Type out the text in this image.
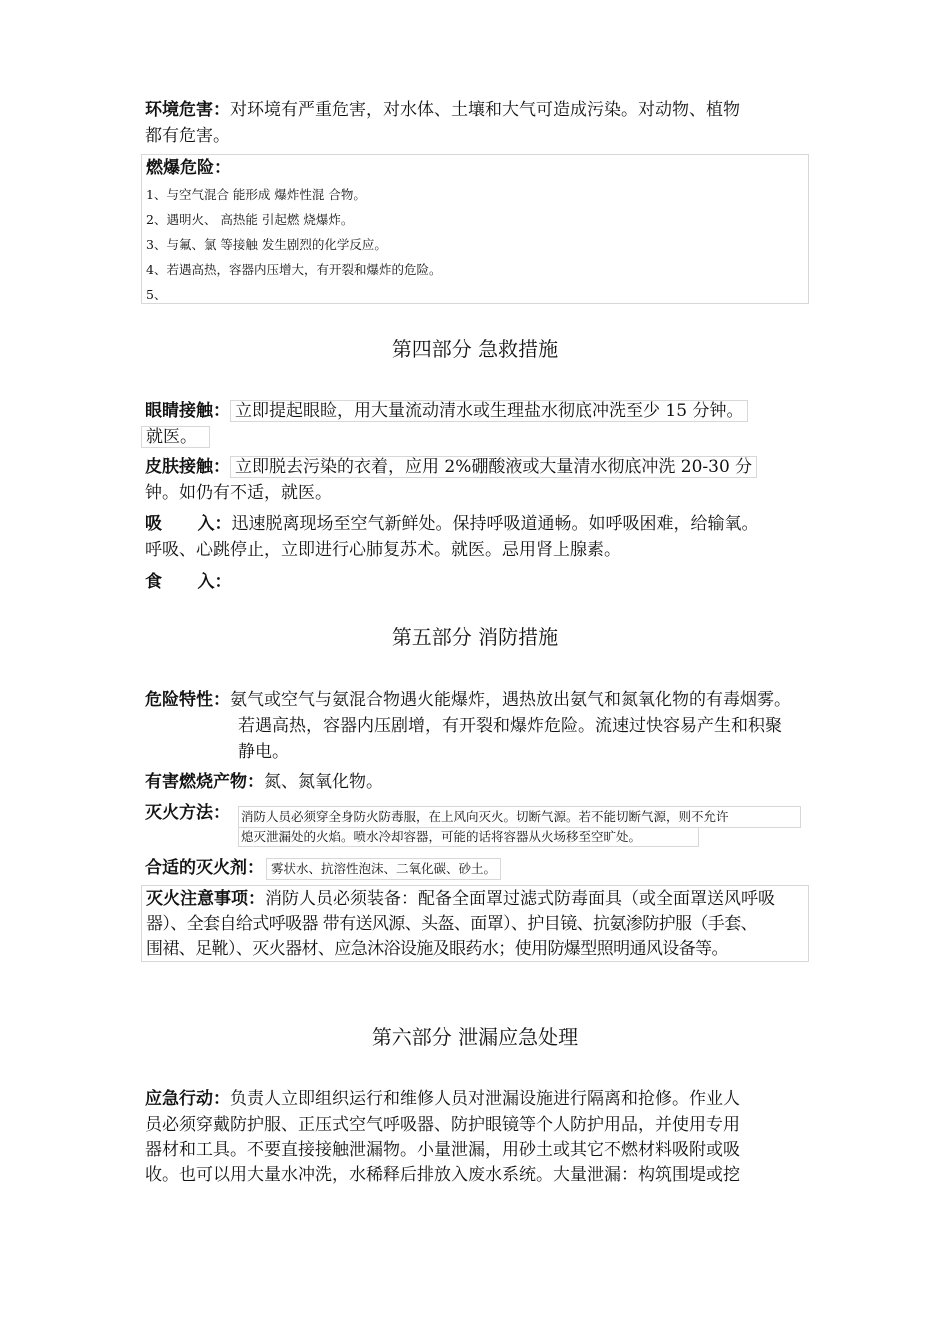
环境危害：对环境有严重危害，对水体、土壤和大气可造成污染。对动物、植物
都有危害。
燃爆危险：
1、与空气混合 能形成 爆炸性混 合物。
2、遇明火、 高热能 引起燃 烧爆炸。
3、与氟、氯 等接触 发生剧烈的化学反应。
4、若遇高热，容器内压增大，有开裂和爆炸的危险。
5、
第四部分 急救措施
眼睛接触： 立即提起眼睑，用大量流动清水或生理盐水彻底冲洗至少 15 分钟。
就医。
皮肤接触： 立即脱去污染的衣着，应用 2%硼酸液或大量清水彻底冲洗 20-30 分
钟。如仍有不适，就医。
吸      入：迅速脱离现场至空气新鲜处。保持呼吸道通畅。如呼吸困难，给输氧。
呼吸、心跳停止，立即进行心肺复苏术。就医。忌用肾上腺素。
食      入：
第五部分 消防措施
危险特性：氨气或空气与氨混合物遇火能爆炸，遇热放出氨气和氮氧化物的有毒烟雾。
若遇高热，容器内压剧增，有开裂和爆炸危险。流速过快容易产生和积聚
静电。
有害燃烧产物：氮、氮氧化物。
灭火方法： 消防人员必须穿全身防火防毒服，在上风向灭火。切断气源。若不能切断气源，则不允许
熄灭泄漏处的火焰。喷水冷却容器，可能的话将容器从火场移至空旷处。
合适的灭火剂： 雾状水、抗溶性泡沫、二氧化碳、砂土。
灭火注意事项：消防人员必须装备：配备全面罩过滤式防毒面具（或全面罩送风呼吸
器）、全套自给式呼吸器 带有送风源、头盔、面罩）、护目镜、抗氨渗防护服（手套、
围裙、足靴）、灭火器材、应急沐浴设施及眼药水；使用防爆型照明通风设备等。
第六部分 泄漏应急处理
应急行动：负责人立即组织运行和维修人员对泄漏设施进行隔离和抢修。作业人
员必须穿戴防护服、正压式空气呼吸器、防护眼镜等个人防护用品，并使用专用
器材和工具。不要直接接触泄漏物。小量泄漏，用砂土或其它不燃材料吸附或吸
收。也可以用大量水冲洗，水稀释后排放入废水系统。大量泄漏：构筑围堤或挖
